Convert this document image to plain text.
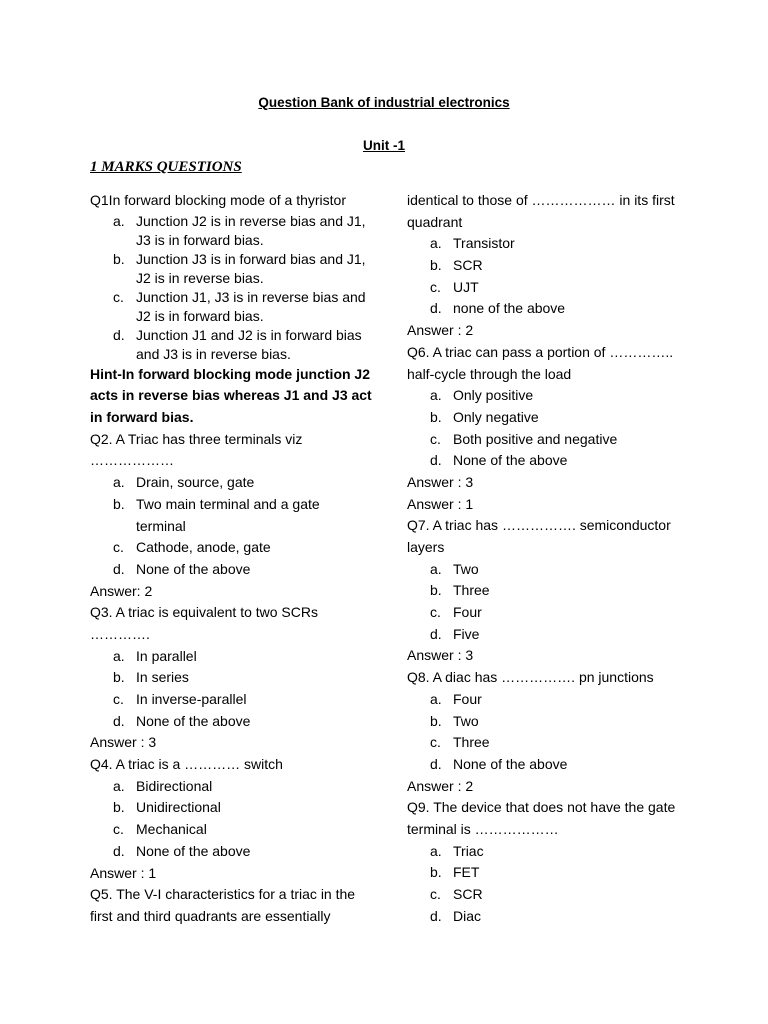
Question Bank of industrial electronics
Unit -1
1 MARKS QUESTIONS
Q1In forward blocking mode of a thyristor
a. Junction J2 is in reverse bias and J1,
J3 is in forward bias.
b. Junction J3 is in forward bias and J1,
J2 is in reverse bias.
c. Junction J1, J3 is in reverse bias and
J2 is in forward bias.
d. Junction J1 and J2 is in forward bias
and J3 is in reverse bias.
Hint-In forward blocking mode junction J2
acts in reverse bias whereas J1 and J3 act
in forward bias.
Q2. A Triac has three terminals viz
………………
a. Drain, source, gate
b. Two main terminal and a gate
terminal
c. Cathode, anode, gate
d. None of the above
Answer: 2
Q3. A triac is equivalent to two SCRs
………….
a. In parallel
b. In series
c. In inverse-parallel
d. None of the above
Answer : 3
Q4. A triac is a ………… switch
a. Bidirectional
b. Unidirectional
c. Mechanical
d. None of the above
Answer : 1
Q5. The V-I characteristics for a triac in the
first and third quadrants are essentially
identical to those of ……………… in its first
quadrant
a. Transistor
b. SCR
c. UJT
d. none of the above
Answer : 2
Q6. A triac can pass a portion of …………..
half-cycle through the load
a. Only positive
b. Only negative
c. Both positive and negative
d. None of the above
Answer : 3
Answer : 1
Q7. A triac has ……………. semiconductor
layers
a. Two
b. Three
c. Four
d. Five
Answer : 3
Q8. A diac has ……………. pn junctions
a. Four
b. Two
c. Three
d. None of the above
Answer : 2
Q9. The device that does not have the gate
terminal is ………………
a. Triac
b. FET
c. SCR
d. Diac
